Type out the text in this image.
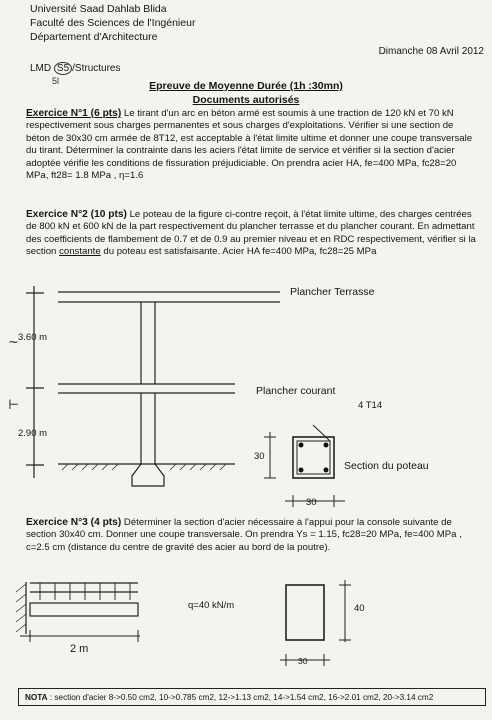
Université Saad Dahlab Blida
Faculté des Sciences de l'Ingénieur
Département d'Architecture
Dimanche 08 Avril 2012
LMD S5 /Structures
5l	Epreuve de Moyenne Durée (1h :30mn)
Documents autorisés
Exercice N°1 (6 pts) Le tirant d'un arc en béton armé est soumis à une traction de 120 kN et 70 kN respectivement sous charges permanentes et sous charges d'exploitations. Vérifier si une section de béton de 30x30 cm armée de 8T12, est acceptable à l'état limite ultime et donner une coupe transversale du tirant. Déterminer la contrainte dans les aciers l'état limite de service et vérifier si la section d'acier adoptée vérifie les conditions de fissuration préjudiciable. On prendra acier HA, fe=400 MPa, fc28=20 MPa, ft28= 1.8 MPa , η=1.6
Exercice N°2 (10 pts) Le poteau de la figure ci-contre reçoit, à l'état limite ultime, des charges centrées de 800 kN et 600 kN de la part respectivement du plancher terrasse et du plancher courant. En admettant des coefficients de flambement de 0.7 et de 0.9 au premier niveau et en RDC respectivement, vérifier si la section constante du poteau est satisfaisante. Acier HA fe=400 MPa, fc28=25 MPa
Plancher Terrasse
Plancher courant
3.60 m
2.90 m
4 T14
30
30
Section du poteau
~
⊢
Exercice N°3 (4 pts) Déterminer la section d'acier nécessaire à l'appui pour la console suivante de section 30x40 cm. Donner une coupe transversale. On prendra Ys = 1.15, fc28=20 MPa, fe=400 MPa , c=2.5 cm (distance du centre de gravité des acier au bord de la poutre).
q=40 kN/m
2 m
40
30
NOTA : section d'acier 8->0.50 cm2, 10->0.785 cm2, 12->1.13 cm2, 14->1.54 cm2, 16->2.01 cm2, 20->3.14 cm2
